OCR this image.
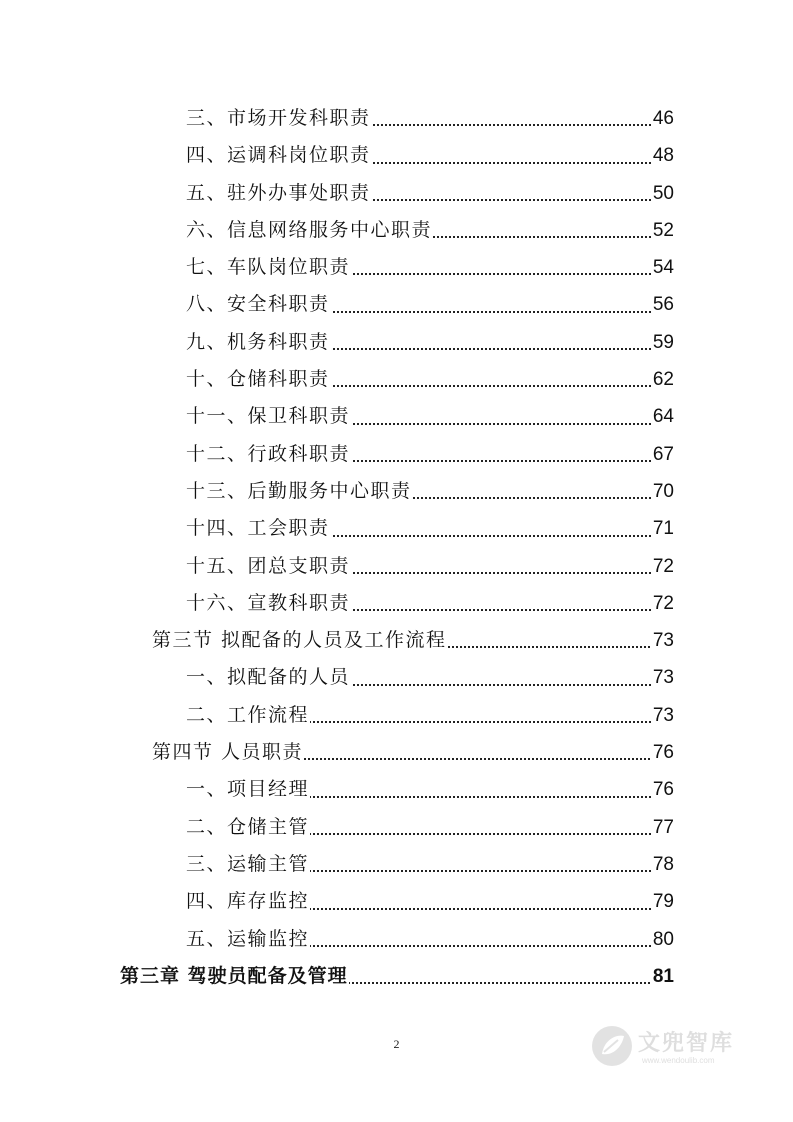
三、市场开发科职责	46
四、运调科岗位职责	48
五、驻外办事处职责	50
六、信息网络服务中心职责	52
七、车队岗位职责	54
八、安全科职责	56
九、机务科职责	59
十、仓储科职责	62
十一、保卫科职责	64
十二、行政科职责	67
十三、后勤服务中心职责	70
十四、工会职责	71
十五、团总支职责	72
十六、宣教科职责	72
第三节 拟配备的人员及工作流程	73
一、拟配备的人员	73
二、工作流程	73
第四节 人员职责	76
一、项目经理	76
二、仓储主管	77
三、运输主管	78
四、库存监控	79
五、运输监控	80
第三章 驾驶员配备及管理	81
2	文兜智库
www.wendoulib.com
